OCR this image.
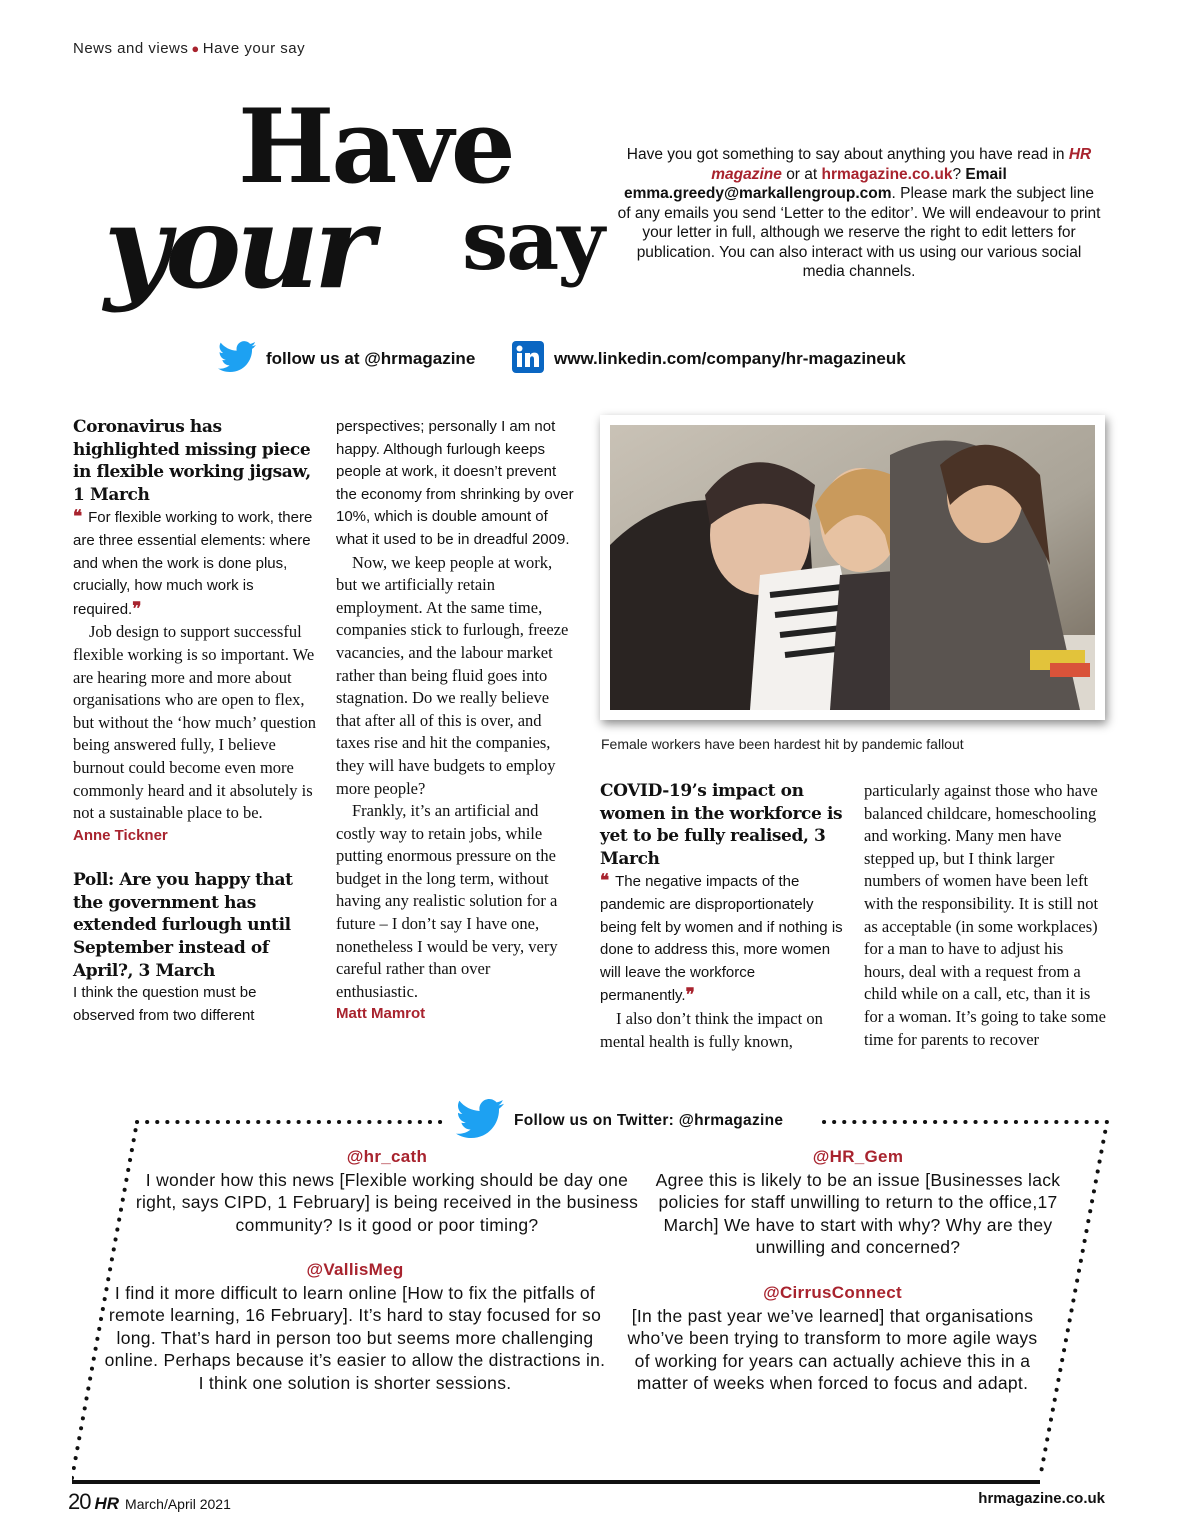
News and views ● Have your say
Have
your say
Have you got something to say about anything you have read in HR magazine or at hrmagazine.co.uk? Email emma.greedy@markallengroup.com. Please mark the subject line of any emails you send ‘Letter to the editor’. We will endeavour to print your letter in full, although we reserve the right to edit letters for publication. You can also interact with us using our various social media channels.
follow us at @hrmagazine	www.linkedin.com/company/hr-magazineuk

Coronavirus has highlighted missing piece in flexible working jigsaw, 1 March

❝ For flexible working to work, there are three essential elements: where and when the work is done plus, crucially, how much work is required.❞

Job design to support successful flexible working is so important. We are hearing more and more about organisations who are open to flex, but without the ‘how much’ question being answered fully, I believe burnout could become even more commonly heard and it absolutely is not a sustainable place to be.

Anne Tickner

Poll: Are you happy that the government has extended furlough until September instead of April?, 3 March

I think the question must be observed from two different

perspectives; personally I am not happy. Although furlough keeps people at work, it doesn’t prevent the economy from shrinking by over 10%, which is double amount of what it used to be in dreadful 2009.

Now, we keep people at work, but we artificially retain employment. At the same time, companies stick to furlough, freeze vacancies, and the labour market rather than being fluid goes into stagnation. Do we really believe that after all of this is over, and taxes rise and hit the companies, they will have budgets to employ more people?

Frankly, it’s an artificial and costly way to retain jobs, while putting enormous pressure on the budget in the long term, without having any realistic solution for a future – I don’t say I have one, nonetheless I would be very, very careful rather than over enthusiastic.

Matt Mamrot

Female workers have been hardest hit by pandemic fallout

COVID-19’s impact on women in the workforce is yet to be fully realised, 3 March

❝ The negative impacts of the pandemic are disproportionately being felt by women and if nothing is done to address this, more women will leave the workforce permanently.❞

I also don’t think the impact on mental health is fully known,

particularly against those who have balanced childcare, homeschooling and working. Many men have stepped up, but I think larger numbers of women have been left with the responsibility. It is still not as acceptable (in some workplaces) for a man to have to adjust his hours, deal with a request from a child while on a call, etc, than it is for a woman. It’s going to take some time for parents to recover

Follow us on Twitter: @hrmagazine
@hr_cath
I wonder how this news [Flexible working should be day one right, says CIPD, 1 February] is being received in the business community? Is it good or poor timing?
@HR_Gem
Agree this is likely to be an issue [Businesses lack policies for staff unwilling to return to the office,17 March] We have to start with why? Why are they unwilling and concerned?
@VallisMeg
I find it more difficult to learn online [How to fix the pitfalls of remote learning, 16 February]. It’s hard to stay focused for so long. That’s hard in person too but seems more challenging online. Perhaps because it’s easier to allow the distractions in. I think one solution is shorter sessions.
@CirrusConnect
[In the past year we’ve learned] that organisations who’ve been trying to transform to more agile ways of working for years can actually achieve this in a matter of weeks when forced to focus and adapt.
20 HR March/April 2021	hrmagazine.co.uk
